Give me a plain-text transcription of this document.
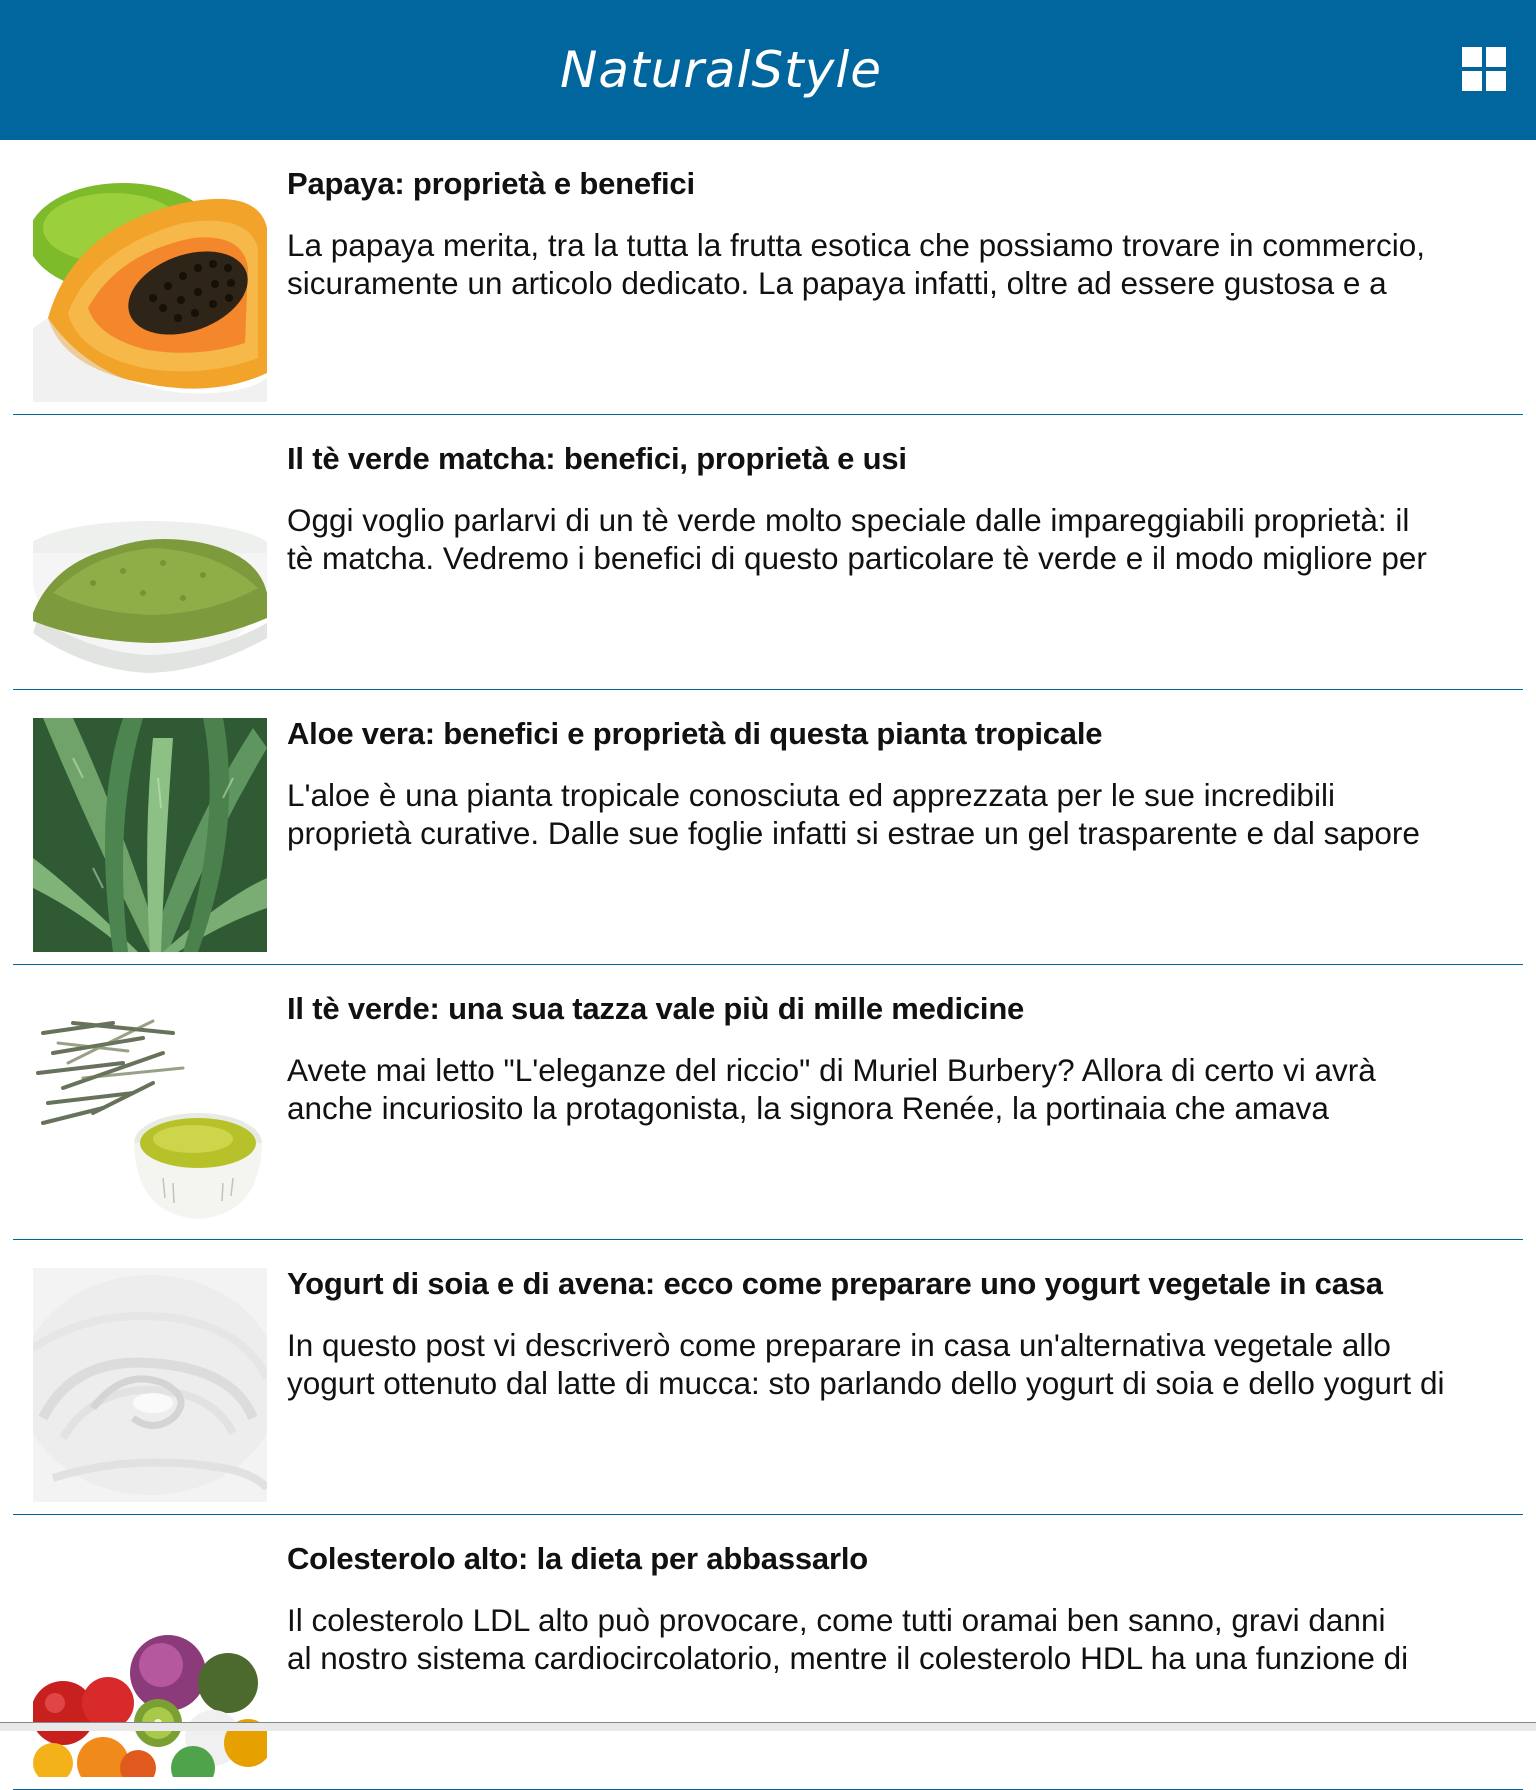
NaturalStyle
Papaya: proprietà e benefici
La papaya merita, tra la tutta la frutta esotica che possiamo trovare in commercio,
sicuramente un articolo dedicato. La papaya infatti, oltre ad essere gustosa e a
Il tè verde matcha: benefici, proprietà e usi
Oggi voglio parlarvi di un tè verde molto speciale dalle impareggiabili proprietà: il
tè matcha. Vedremo i benefici di questo particolare tè verde e il modo migliore per
Aloe vera: benefici e proprietà di questa pianta tropicale
L'aloe è una pianta tropicale conosciuta ed apprezzata per le sue incredibili
proprietà curative. Dalle sue foglie infatti si estrae un gel trasparente e dal sapore
Il tè verde: una sua tazza vale più di mille medicine
Avete mai letto "L'eleganze del riccio" di Muriel Burbery? Allora di certo vi avrà
anche incuriosito la protagonista, la signora Renée, la portinaia che amava
Yogurt di soia e di avena: ecco come preparare uno yogurt vegetale in casa
In questo post vi descriverò come preparare in casa un'alternativa vegetale allo
yogurt ottenuto dal latte di mucca: sto parlando dello yogurt di soia e dello yogurt di
Colesterolo alto: la dieta per abbassarlo
Il colesterolo LDL alto può provocare, come tutti oramai ben sanno, gravi danni
al nostro sistema cardiocircolatorio, mentre il colesterolo HDL ha una funzione di
